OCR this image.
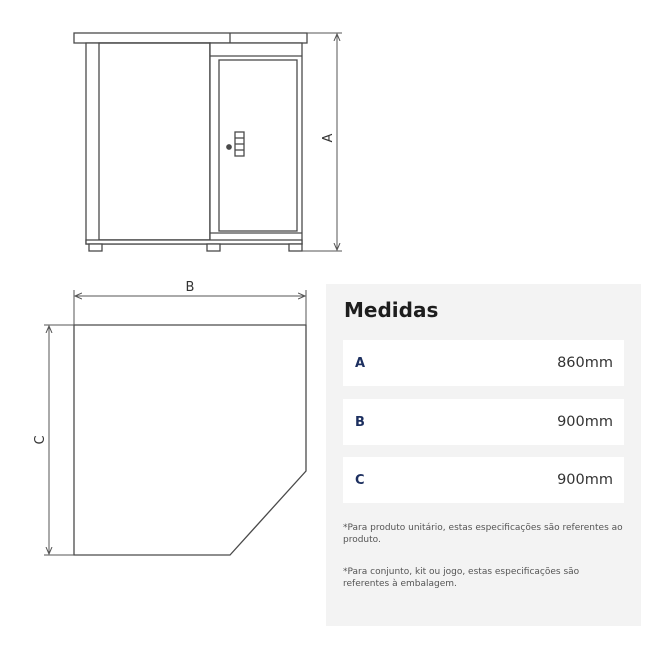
A
B
C
Medidas
A	860mm
B	900mm
C	900mm

*Para produto unitário, estas especificações são referentes ao produto.

*Para conjunto, kit ou jogo, estas especificações são referentes à embalagem.
